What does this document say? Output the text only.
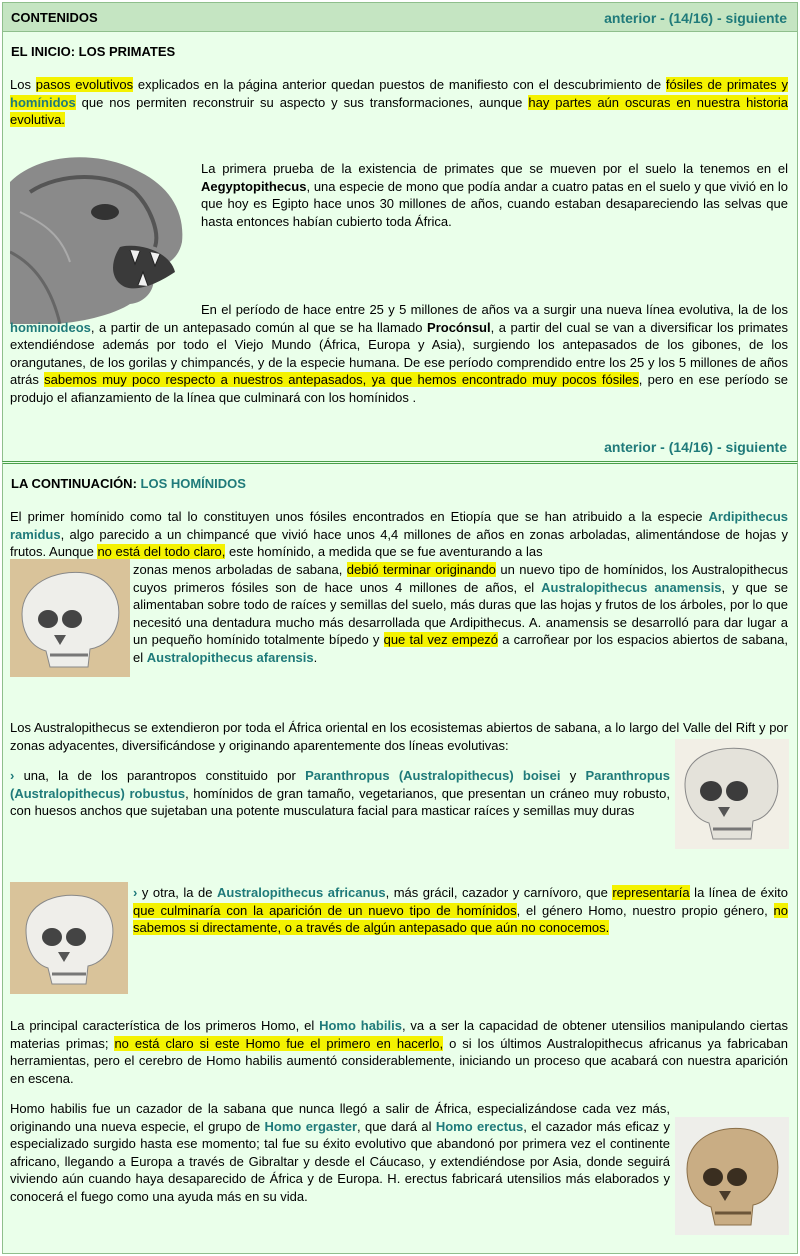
CONTENIDOS	anterior - (14/16) - siguiente
EL INICIO: LOS PRIMATES
Los pasos evolutivos explicados en la página anterior quedan puestos de manifiesto con el descubrimiento de fósiles de primates y homínidos que nos permiten reconstruir su aspecto y sus transformaciones, aunque hay partes aún oscuras en nuestra historia evolutiva.
La primera prueba de la existencia de primates que se mueven por el suelo la tenemos en el Aegyptopithecus, una especie de mono que podía andar a cuatro patas en el suelo y que vivió en lo que hoy es Egipto hace unos 30 millones de años, cuando estaban desapareciendo las selvas que hasta entonces habían cubierto toda África.
En el período de hace entre 25 y 5 millones de años va a surgir una nueva línea evolutiva, la de los hominoideos, a partir de un antepasado común al que se ha llamado Procónsul, a partir del cual se van a diversificar los primates extendiéndose además por todo el Viejo Mundo (África, Europa y Asia), surgiendo los antepasados de los gibones, de los orangutanes, de los gorilas y chimpancés, y de la especie humana. De ese período comprendido entre los 25 y los 5 millones de años atrás sabemos muy poco respecto a nuestros antepasados, ya que hemos encontrado muy pocos fósiles, pero en ese período se produjo el afianzamiento de la línea que culminará con los homínidos .
anterior - (14/16) - siguiente
LA CONTINUACIÓN: LOS HOMÍNIDOS
El primer homínido como tal lo constituyen unos fósiles encontrados en Etiopía que se han atribuido a la especie Ardipithecus ramidus, algo parecido a un chimpancé que vivió hace unos 4,4 millones de años en zonas arboladas, alimentándose de hojas y frutos. Aunque no está del todo claro, este homínido, a medida que se fue aventurando a las
zonas menos arboladas de sabana, debió terminar originando un nuevo tipo de homínidos, los Australopithecus cuyos primeros fósiles son de hace unos 4 millones de años, el Australopithecus anamensis, y que se alimentaban sobre todo de raíces y semillas del suelo, más duras que las hojas y frutos de los árboles, por lo que necesitó una dentadura mucho más desarrollada que Ardipithecus. A. anamensis se desarrolló para dar lugar a un pequeño homínido totalmente bípedo y que tal vez empezó a carroñear por los espacios abiertos de sabana, el Australopithecus afarensis.
Los Australopithecus se extendieron por toda el África oriental en los ecosistemas abiertos de sabana, a lo largo del Valle del Rift y por zonas adyacentes, diversificándose y originando aparentemente dos líneas evolutivas:
› una, la de los parantropos constituido por Paranthropus (Australopithecus) boisei y Paranthropus (Australopithecus) robustus, homínidos de gran tamaño, vegetarianos, que presentan un cráneo muy robusto, con huesos anchos que sujetaban una potente musculatura facial para masticar raíces y semillas muy duras
› y otra, la de Australopithecus africanus, más grácil, cazador y carnívoro, que representaría la línea de éxito que culminaría con la aparición de un nuevo tipo de homínidos, el género Homo, nuestro propio género, no sabemos si directamente, o a través de algún antepasado que aún no conocemos.
La principal característica de los primeros Homo, el Homo habilis, va a ser la capacidad de obtener utensilios manipulando ciertas materias primas; no está claro si este Homo fue el primero en hacerlo, o si los últimos Australopithecus africanus ya fabricaban herramientas, pero el cerebro de Homo habilis aumentó considerablemente, iniciando un proceso que acabará con nuestra aparición en escena.
Homo habilis fue un cazador de la sabana que nunca llegó a salir de África, especializándose cada vez más, originando una nueva especie, el grupo de Homo ergaster, que dará al Homo erectus, el cazador más eficaz y especializado surgido hasta ese momento; tal fue su éxito evolutivo que abandonó por primera vez el continente africano, llegando a Europa a través de Gibraltar y desde el Cáucaso, y extendiéndose por Asia, donde seguirá viviendo aún cuando haya desaparecido de África y de Europa. H. erectus fabricará utensilios más elaborados y conocerá el fuego como una ayuda más en su vida.
